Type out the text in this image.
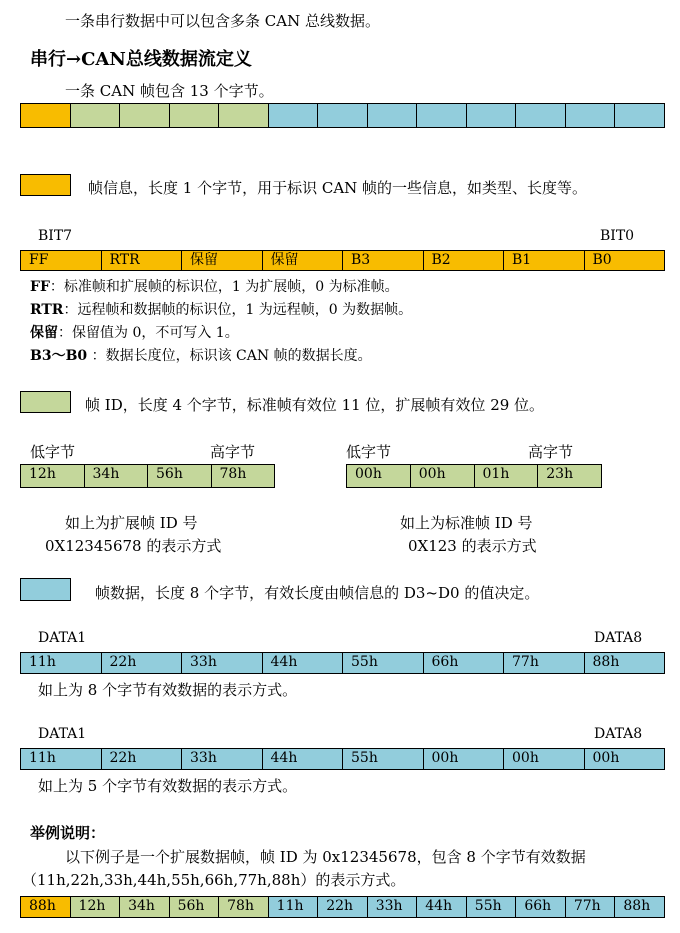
一条串行数据中可以包含多条 CAN 总线数据。
串行→CAN总线数据流定义
一条 CAN 帧包含 13 个字节。
帧信息，长度 1 个字节，用于标识 CAN 帧的一些信息，如类型、长度等。
BIT7	BIT0
FF	RTR	保留	保留	B3	B2	B1	B0
FF：标准帧和扩展帧的标识位，1 为扩展帧，0 为标准帧。
RTR：远程帧和数据帧的标识位，1 为远程帧，0 为数据帧。
保留：保留值为 0，不可写入 1。
B3～B0 ：数据长度位，标识该 CAN 帧的数据长度。
帧 ID，长度 4 个字节，标准帧有效位 11 位，扩展帧有效位 29 位。
低字节	高字节
12h	34h	56h	78h
如上为扩展帧 ID 号
0X12345678 的表示方式
低字节	高字节
00h	00h	01h	23h
如上为标准帧 ID 号
0X123 的表示方式
帧数据，长度 8 个字节，有效长度由帧信息的 D3~D0 的值决定。
DATA1	DATA8
11h	22h	33h	44h	55h	66h	77h	88h
如上为 8 个字节有效数据的表示方式。
DATA1	DATA8
11h	22h	33h	44h	55h	00h	00h	00h
如上为 5 个字节有效数据的表示方式。
举例说明：
以下例子是一个扩展数据帧，帧 ID 为 0x12345678，包含 8 个字节有效数据
（11h,22h,33h,44h,55h,66h,77h,88h）的表示方式。
88h	12h	34h	56h	78h	11h	22h	33h	44h	55h	66h	77h	88h
